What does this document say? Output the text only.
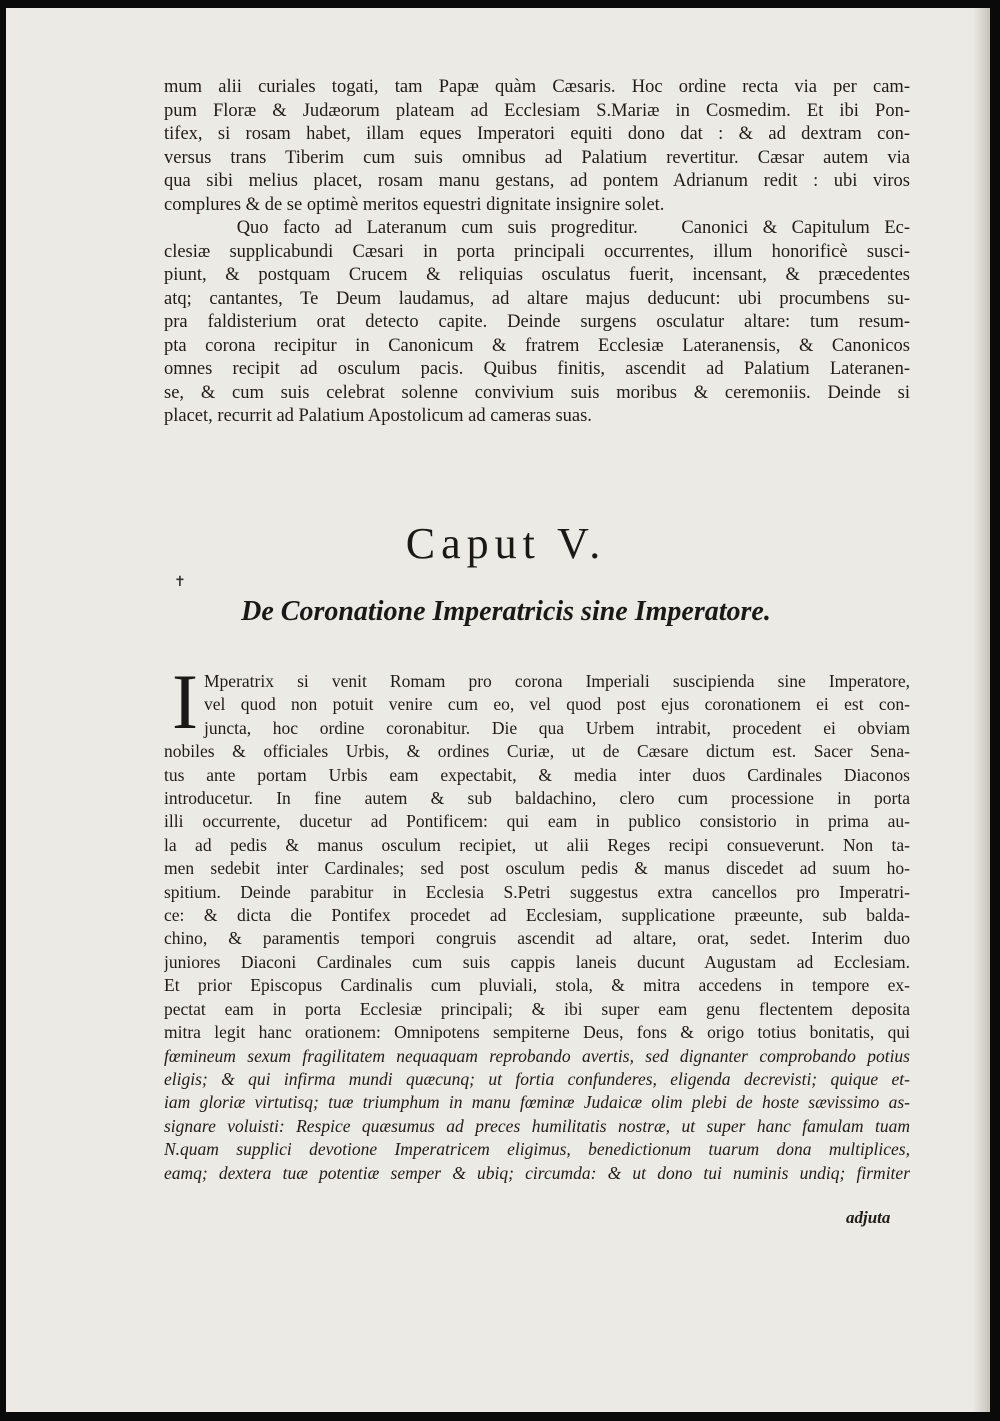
mum alii curiales togati, tam Papæ quàm Cæsaris. Hoc ordine recta via per cam-
pum Floræ & Judæorum plateam ad Ecclesiam S.Mariæ in Cosmedim. Et ibi Pon-
tifex, si rosam habet, illam eques Imperatori equiti dono dat : & ad dextram con-
versus trans Tiberim cum suis omnibus ad Palatium revertitur. Cæsar autem via
qua sibi melius placet, rosam manu gestans, ad pontem Adrianum redit : ubi viros
complures & de se optimè meritos equestri dignitate insignire solet.
Quo facto ad Lateranum cum suis progreditur.   Canonici & Capitulum Ec-
clesiæ supplicabundi Cæsari in porta principali occurrentes, illum honorificè susci-
piunt, & postquam Crucem & reliquias osculatus fuerit, incensant, & præcedentes
atq; cantantes, Te Deum laudamus, ad altare majus deducunt: ubi procumbens su-
pra faldisterium orat detecto capite. Deinde surgens osculatur altare: tum resum-
pta corona recipitur in Canonicum & fratrem Ecclesiæ Lateranensis, & Canonicos
omnes recipit ad osculum pacis. Quibus finitis, ascendit ad Palatium Lateranen-
se, & cum suis celebrat solenne convivium suis moribus & ceremoniis. Deinde si
placet, recurrit ad Palatium Apostolicum ad cameras suas.
Caput V.
✝
De Coronatione Imperatricis sine Imperatore.
I Mperatrix si venit Romam pro corona Imperiali suscipienda sine Imperatore,
vel quod non potuit venire cum eo, vel quod post ejus coronationem ei est con-
juncta, hoc ordine coronabitur. Die qua Urbem intrabit, procedent ei obviam
nobiles & officiales Urbis, & ordines Curiæ, ut de Cæsare dictum est. Sacer Sena-
tus ante portam Urbis eam expectabit, & media inter duos Cardinales Diaconos
introducetur. In fine autem & sub baldachino, clero cum processione in porta
illi occurrente, ducetur ad Pontificem: qui eam in publico consistorio in prima au-
la ad pedis & manus osculum recipiet, ut alii Reges recipi consueverunt. Non ta-
men sedebit inter Cardinales; sed post osculum pedis & manus discedet ad suum ho-
spitium. Deinde parabitur in Ecclesia S.Petri suggestus extra cancellos pro Imperatri-
ce: & dicta die Pontifex procedet ad Ecclesiam, supplicatione præeunte, sub balda-
chino, & paramentis tempori congruis ascendit ad altare, orat, sedet. Interim duo
juniores Diaconi Cardinales cum suis cappis laneis ducunt Augustam ad Ecclesiam.
Et prior Episcopus Cardinalis cum pluviali, stola, & mitra accedens in tempore ex-
pectat eam in porta Ecclesiæ principali; & ibi super eam genu flectentem deposita
mitra legit hanc orationem: Omnipotens sempiterne Deus, fons & origo totius bonitatis, qui
fœmineum sexum fragilitatem nequaquam reprobando avertis, sed dignanter comprobando potius
eligis; & qui infirma mundi quæcunq; ut fortia confunderes, eligenda decrevisti; quique et-
iam gloriæ virtutisq; tuæ triumphum in manu fœminæ Judaicæ olim plebi de hoste sævissimo as-
signare voluisti: Respice quæsumus ad preces humilitatis nostræ, ut super hanc famulam tuam
N.quam supplici devotione Imperatricem eligimus, benedictionum tuarum dona multiplices,
eamq; dextera tuæ potentiæ semper & ubiq; circumda: & ut dono tui numinis undiq; firmiter
adjuta
